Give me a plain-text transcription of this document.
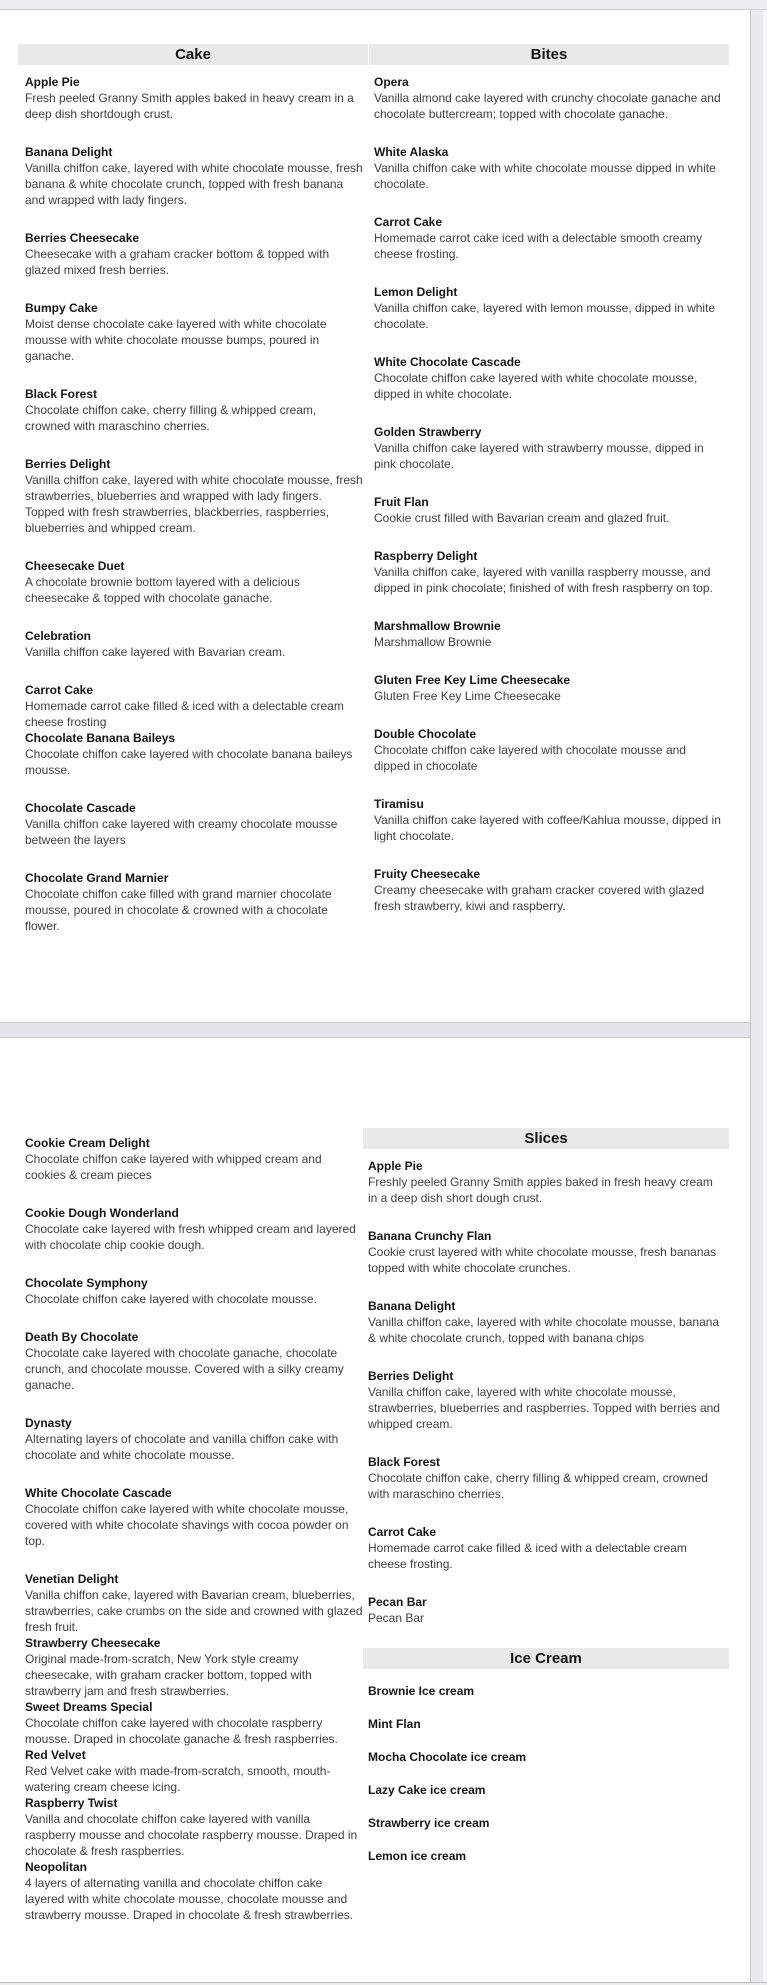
Cake
Apple Pie
Fresh peeled Granny Smith apples baked in heavy cream in a deep dish shortdough crust.
Banana Delight
Vanilla chiffon cake, layered with white chocolate mousse, fresh banana & white chocolate crunch, topped with fresh banana and wrapped with lady fingers.
Berries Cheesecake
Cheesecake with a graham cracker bottom & topped with glazed mixed fresh berries.
Bumpy Cake
Moist dense chocolate cake layered with white chocolate mousse with white chocolate mousse bumps, poured in ganache.
Black Forest
Chocolate chiffon cake, cherry filling & whipped cream, crowned with maraschino cherries.
Berries Delight
Vanilla chiffon cake, layered with white chocolate mousse, fresh strawberries, blueberries and wrapped with lady fingers. Topped with fresh strawberries, blackberries, raspberries, blueberries and whipped cream.
Cheesecake Duet
A chocolate brownie bottom layered with a delicious cheesecake & topped with chocolate ganache.
Celebration
Vanilla chiffon cake layered with Bavarian cream.
Carrot Cake
Homemade carrot cake filled & iced with a delectable cream cheese frosting
Chocolate Banana Baileys
Chocolate chiffon cake layered with chocolate banana baileys mousse.
Chocolate Cascade
Vanilla chiffon cake layered with creamy chocolate mousse between the layers
Chocolate Grand Marnier
Chocolate chiffon cake filled with grand marnier chocolate mousse, poured in chocolate & crowned with a chocolate flower.
Bites
Opera
Vanilla almond cake layered with crunchy chocolate ganache and chocolate buttercream; topped with chocolate ganache.
White Alaska
Vanilla chiffon cake with white chocolate mousse dipped in white chocolate.
Carrot Cake
Homemade carrot cake iced with a delectable smooth creamy cheese frosting.
Lemon Delight
Vanilla chiffon cake, layered with lemon mousse, dipped in white chocolate.
White Chocolate Cascade
Chocolate chiffon cake layered with white chocolate mousse, dipped in white chocolate.
Golden Strawberry
Vanilla chiffon cake layered with strawberry mousse, dipped in pink chocolate.
Fruit Flan
Cookie crust filled with Bavarian cream and glazed fruit.
Raspberry Delight
Vanilla chiffon cake, layered with vanilla raspberry mousse, and dipped in pink chocolate; finished of with fresh raspberry on top.
Marshmallow Brownie
Marshmallow Brownie
Gluten Free Key Lime Cheesecake
Gluten Free Key Lime Cheesecake
Double Chocolate
Chocolate chiffon cake layered with chocolate mousse and dipped in chocolate
Tiramisu
Vanilla chiffon cake layered with coffee/Kahlua mousse, dipped in light chocolate.
Fruity Cheesecake
Creamy cheesecake with graham cracker covered with glazed fresh strawberry, kiwi and raspberry.
Cookie Cream Delight
Chocolate chiffon cake layered with whipped cream and cookies & cream pieces
Cookie Dough Wonderland
Chocolate cake layered with fresh whipped cream and layered with chocolate chip cookie dough.
Chocolate Symphony
Chocolate chiffon cake layered with chocolate mousse.
Death By Chocolate
Chocolate cake layered with chocolate ganache, chocolate crunch, and chocolate mousse. Covered with a silky creamy ganache.
Dynasty
Alternating layers of chocolate and vanilla chiffon cake with chocolate and white chocolate mousse.
White Chocolate Cascade
Chocolate chiffon cake layered with white chocolate mousse, covered with white chocolate shavings with cocoa powder on top.
Venetian Delight
Vanilla chiffon cake, layered with Bavarian cream, blueberries, strawberries, cake crumbs on the side and crowned with glazed fresh fruit.
Strawberry Cheesecake
Original made-from-scratch, New York style creamy cheesecake, with graham cracker bottom, topped with strawberry jam and fresh strawberries.
Sweet Dreams Special
Chocolate chiffon cake layered with chocolate raspberry mousse. Draped in chocolate ganache & fresh raspberries.
Red Velvet
Red Velvet cake with made-from-scratch, smooth, mouth-watering cream cheese icing.
Raspberry Twist
Vanilla and chocolate chiffon cake layered with vanilla raspberry mousse and chocolate raspberry mousse. Draped in chocolate & fresh raspberries.
Neopolitan
4 layers of alternating vanilla and chocolate chiffon cake layered with white chocolate mousse, chocolate mousse and strawberry mousse. Draped in chocolate & fresh strawberries.
Slices
Apple Pie
Freshly peeled Granny Smith apples baked in fresh heavy cream in a deep dish short dough crust.
Banana Crunchy Flan
Cookie crust layered with white chocolate mousse, fresh bananas topped with white chocolate crunches.
Banana Delight
Vanilla chiffon cake, layered with white chocolate mousse, banana & white chocolate crunch, topped with banana chips
Berries Delight
Vanilla chiffon cake, layered with white chocolate mousse, strawberries, blueberries and raspberries. Topped with berries and whipped cream.
Black Forest
Chocolate chiffon cake, cherry filling & whipped cream, crowned with maraschino cherries.
Carrot Cake
Homemade carrot cake filled & iced with a delectable cream cheese frosting.
Pecan Bar
Pecan Bar
Ice Cream
Brownie Ice cream
Mint Flan
Mocha Chocolate ice cream
Lazy Cake ice cream
Strawberry ice cream
Lemon ice cream
